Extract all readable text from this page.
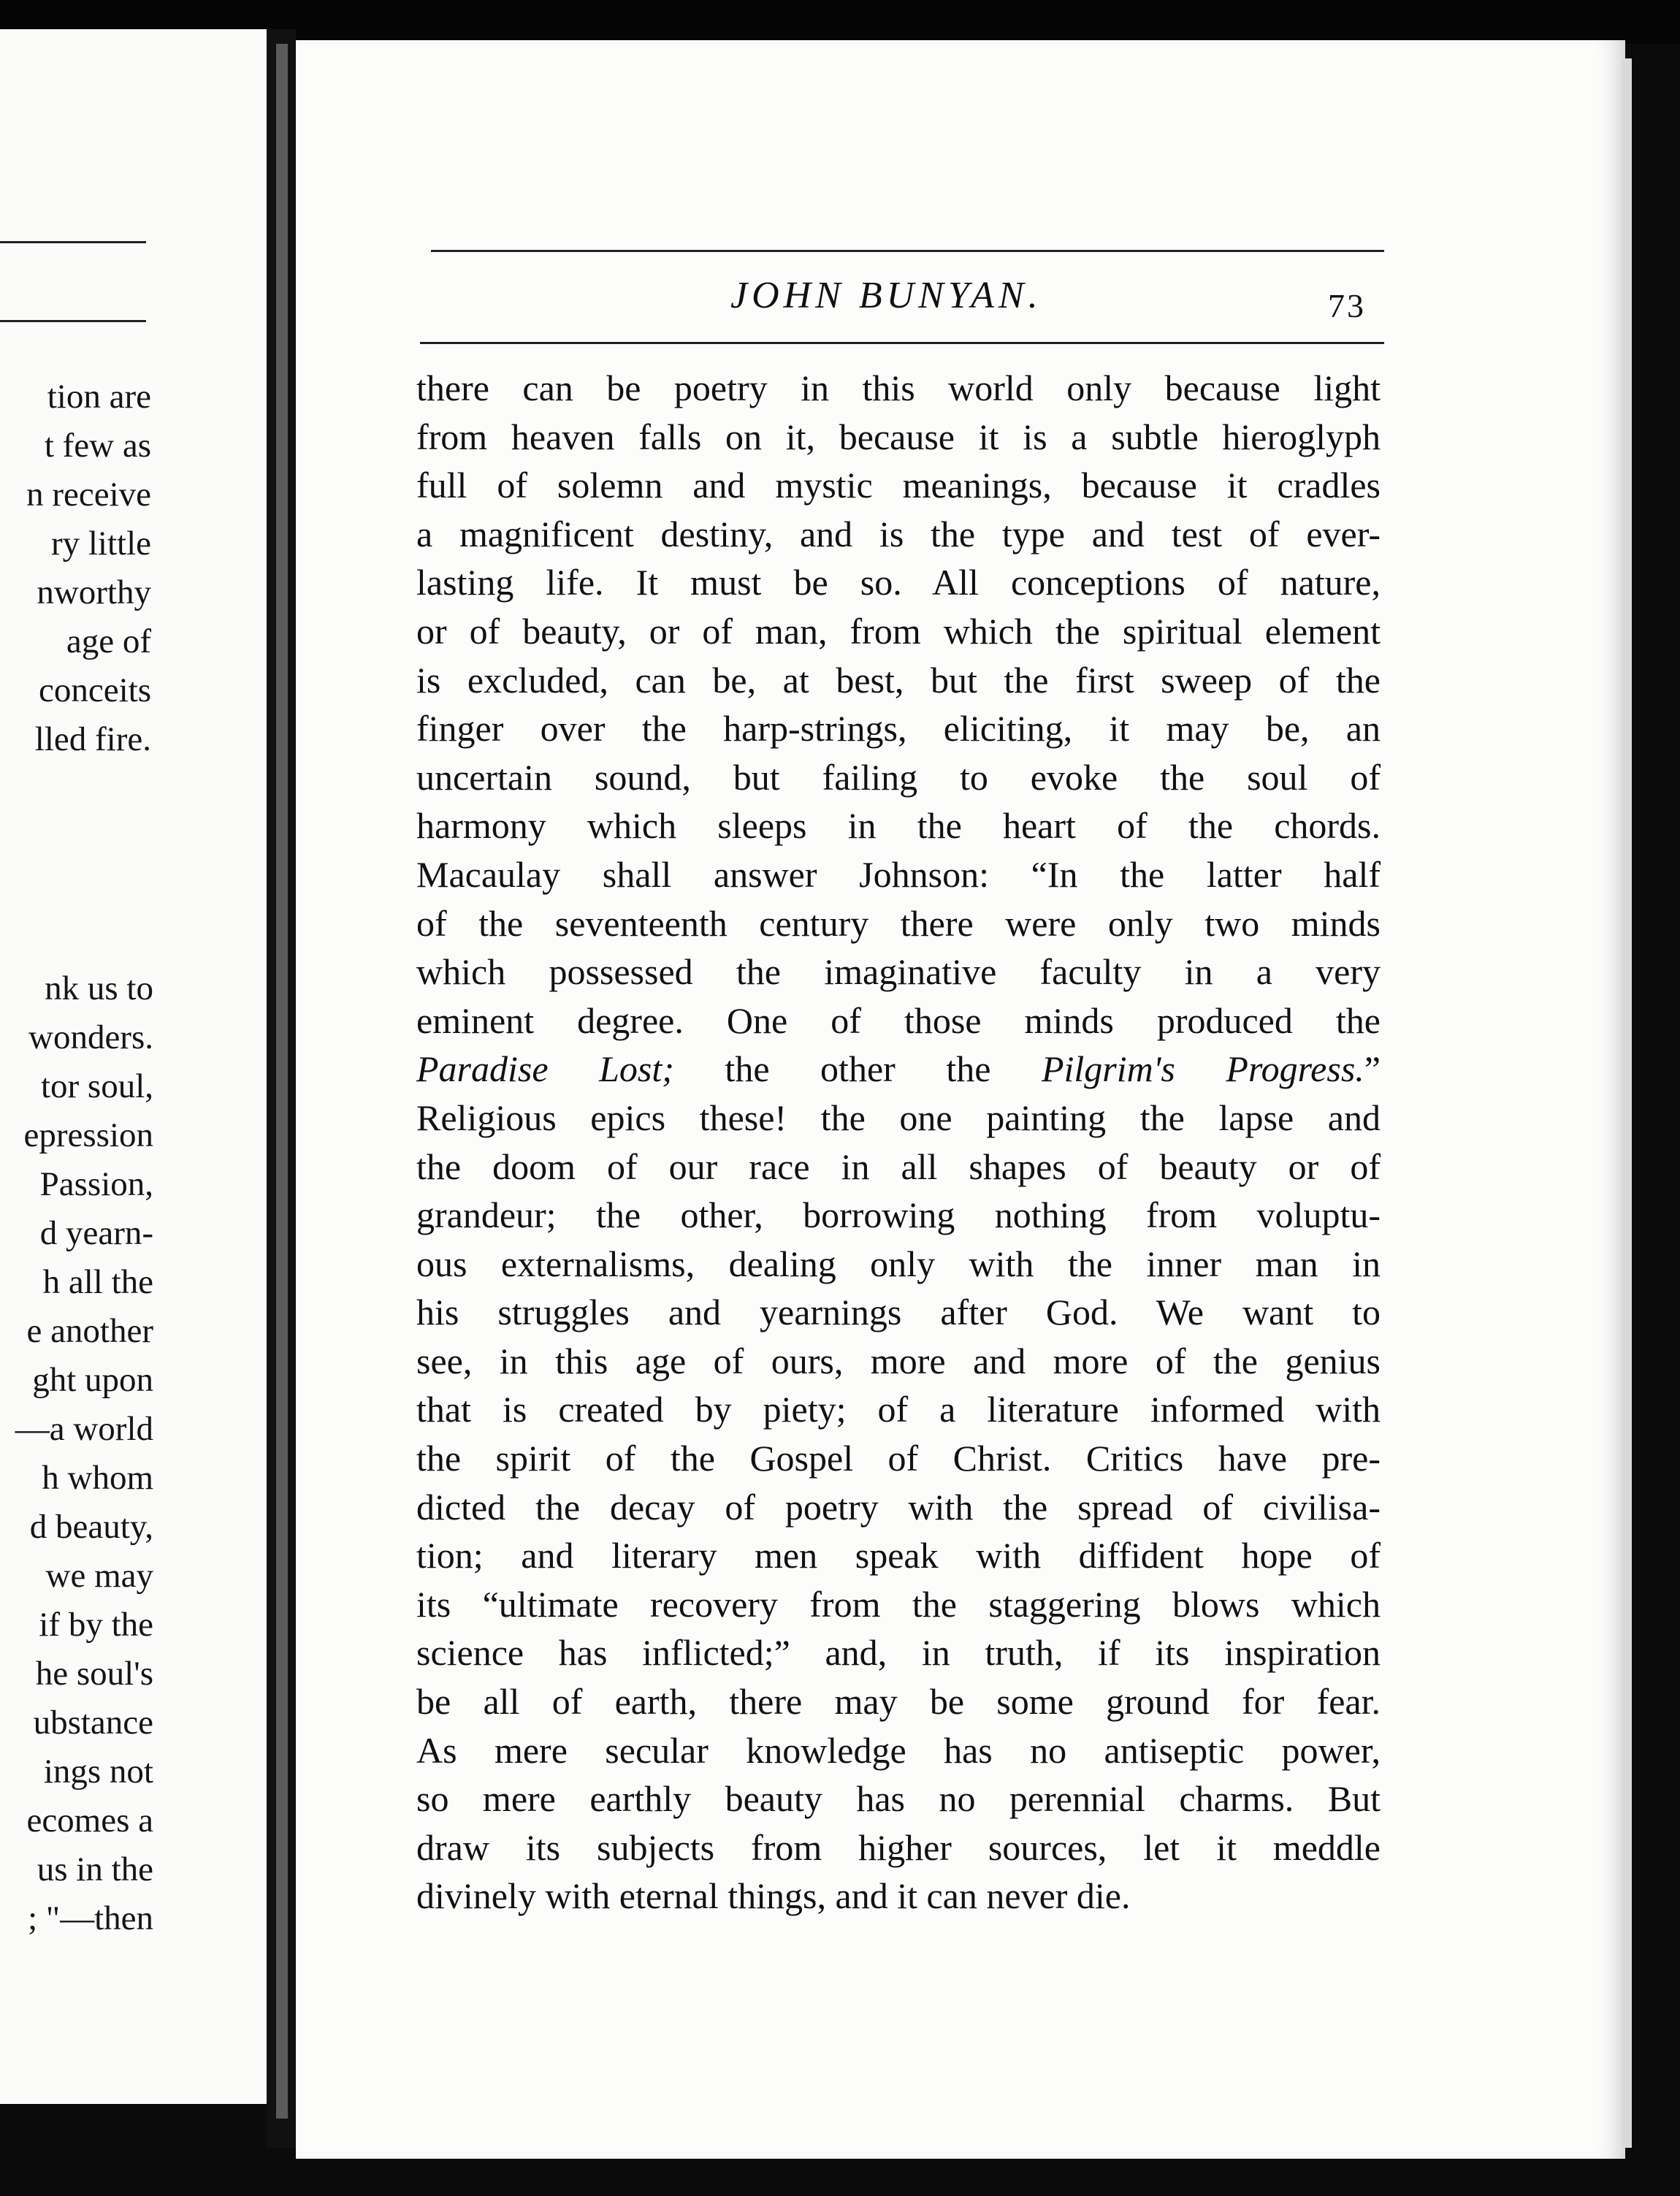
tion are
t few as
n receive
ry little
nworthy
age of
conceits
lled fire.
nk us to
wonders.
tor soul,
epression
Passion,
d yearn-
h all the
e another
ght upon
—a world
h whom
d beauty,
we may
if by the
he soul's
ubstance
ings not
ecomes a
us in the
; "—then
JOHN BUNYAN.	73
there can be poetry in this world only because light
from heaven falls on it, because it is a subtle hieroglyph
full of solemn and mystic meanings, because it cradles
a magnificent destiny, and is the type and test of ever-
lasting life. It must be so. All conceptions of nature,
or of beauty, or of man, from which the spiritual element
is excluded, can be, at best, but the first sweep of the
finger over the harp-strings, eliciting, it may be, an
uncertain sound, but failing to evoke the soul of
harmony which sleeps in the heart of the chords.
Macaulay shall answer Johnson: “In the latter half
of the seventeenth century there were only two minds
which possessed the imaginative faculty in a very
eminent degree. One of those minds produced the
Paradise Lost; the other the Pilgrim's Progress.”
Religious epics these! the one painting the lapse and
the doom of our race in all shapes of beauty or of
grandeur; the other, borrowing nothing from voluptu-
ous externalisms, dealing only with the inner man in
his struggles and yearnings after God. We want to
see, in this age of ours, more and more of the genius
that is created by piety; of a literature informed with
the spirit of the Gospel of Christ. Critics have pre-
dicted the decay of poetry with the spread of civilisa-
tion; and literary men speak with diffident hope of
its “ultimate recovery from the staggering blows which
science has inflicted;” and, in truth, if its inspiration
be all of earth, there may be some ground for fear.
As mere secular knowledge has no antiseptic power,
so mere earthly beauty has no perennial charms. But
draw its subjects from higher sources, let it meddle
divinely with eternal things, and it can never die.
